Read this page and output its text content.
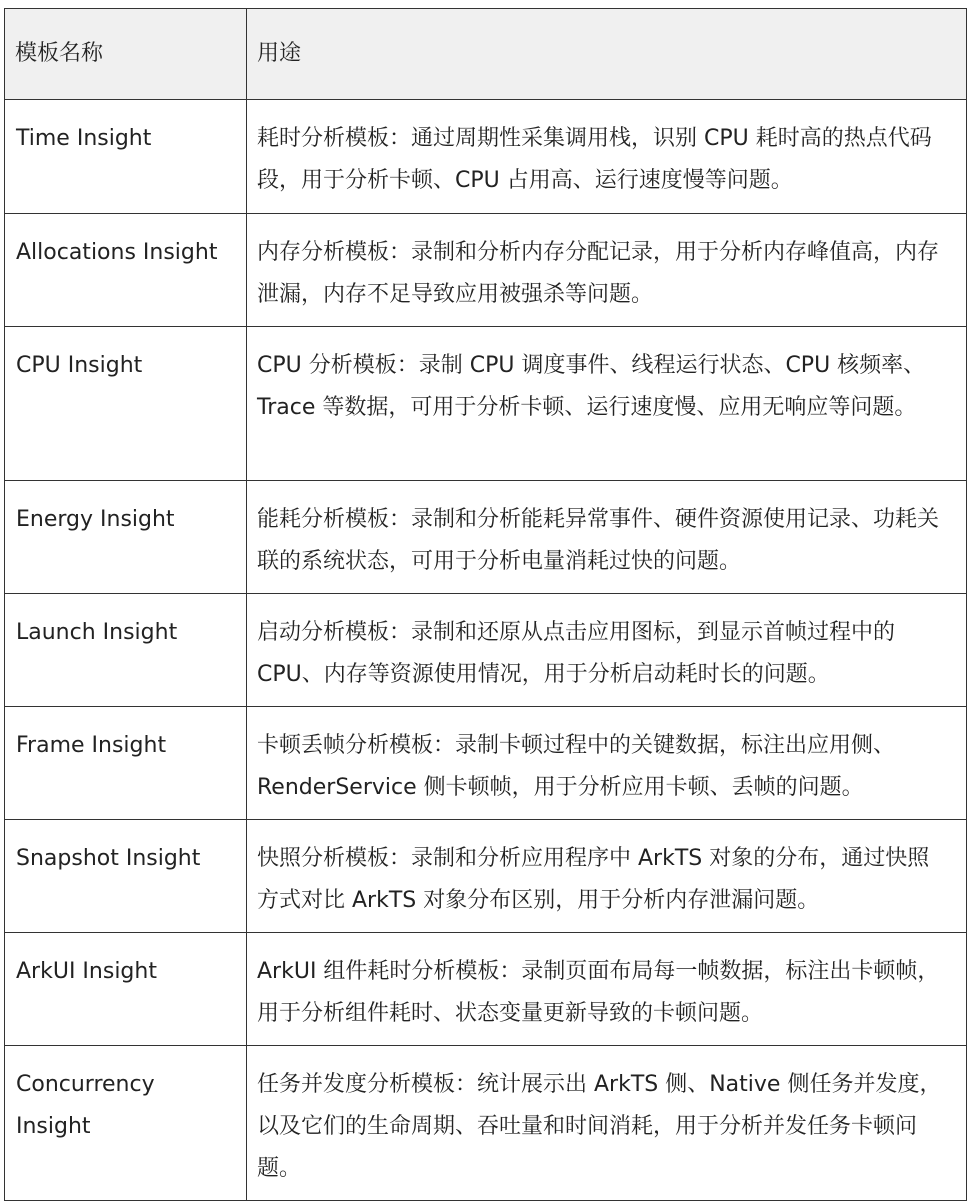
模板名称	用途
Time Insight	耗时分析模板：通过周期性采集调用栈，识别 CPU 耗时高的热点代码段，用于分析卡顿、CPU 占用高、运行速度慢等问题。
Allocations Insight	内存分析模板：录制和分析内存分配记录，用于分析内存峰值高，内存泄漏，内存不足导致应用被强杀等问题。
CPU Insight	CPU 分析模板：录制 CPU 调度事件、线程运行状态、CPU 核频率、Trace 等数据，可用于分析卡顿、运行速度慢、应用无响应等问题。
Energy Insight	能耗分析模板：录制和分析能耗异常事件、硬件资源使用记录、功耗关联的系统状态，可用于分析电量消耗过快的问题。
Launch Insight	启动分析模板：录制和还原从点击应用图标，到显示首帧过程中的CPU、内存等资源使用情况，用于分析启动耗时长的问题。
Frame Insight	卡顿丢帧分析模板：录制卡顿过程中的关键数据，标注出应用侧、RenderService 侧卡顿帧，用于分析应用卡顿、丢帧的问题。
Snapshot Insight	快照分析模板：录制和分析应用程序中 ArkTS 对象的分布，通过快照方式对比 ArkTS 对象分布区别，用于分析内存泄漏问题。
ArkUI Insight	ArkUI 组件耗时分析模板：录制页面布局每一帧数据，标注出卡顿帧，用于分析组件耗时、状态变量更新导致的卡顿问题。
Concurrency Insight	任务并发度分析模板：统计展示出 ArkTS 侧、Native 侧任务并发度，以及它们的生命周期、吞吐量和时间消耗，用于分析并发任务卡顿问题。
